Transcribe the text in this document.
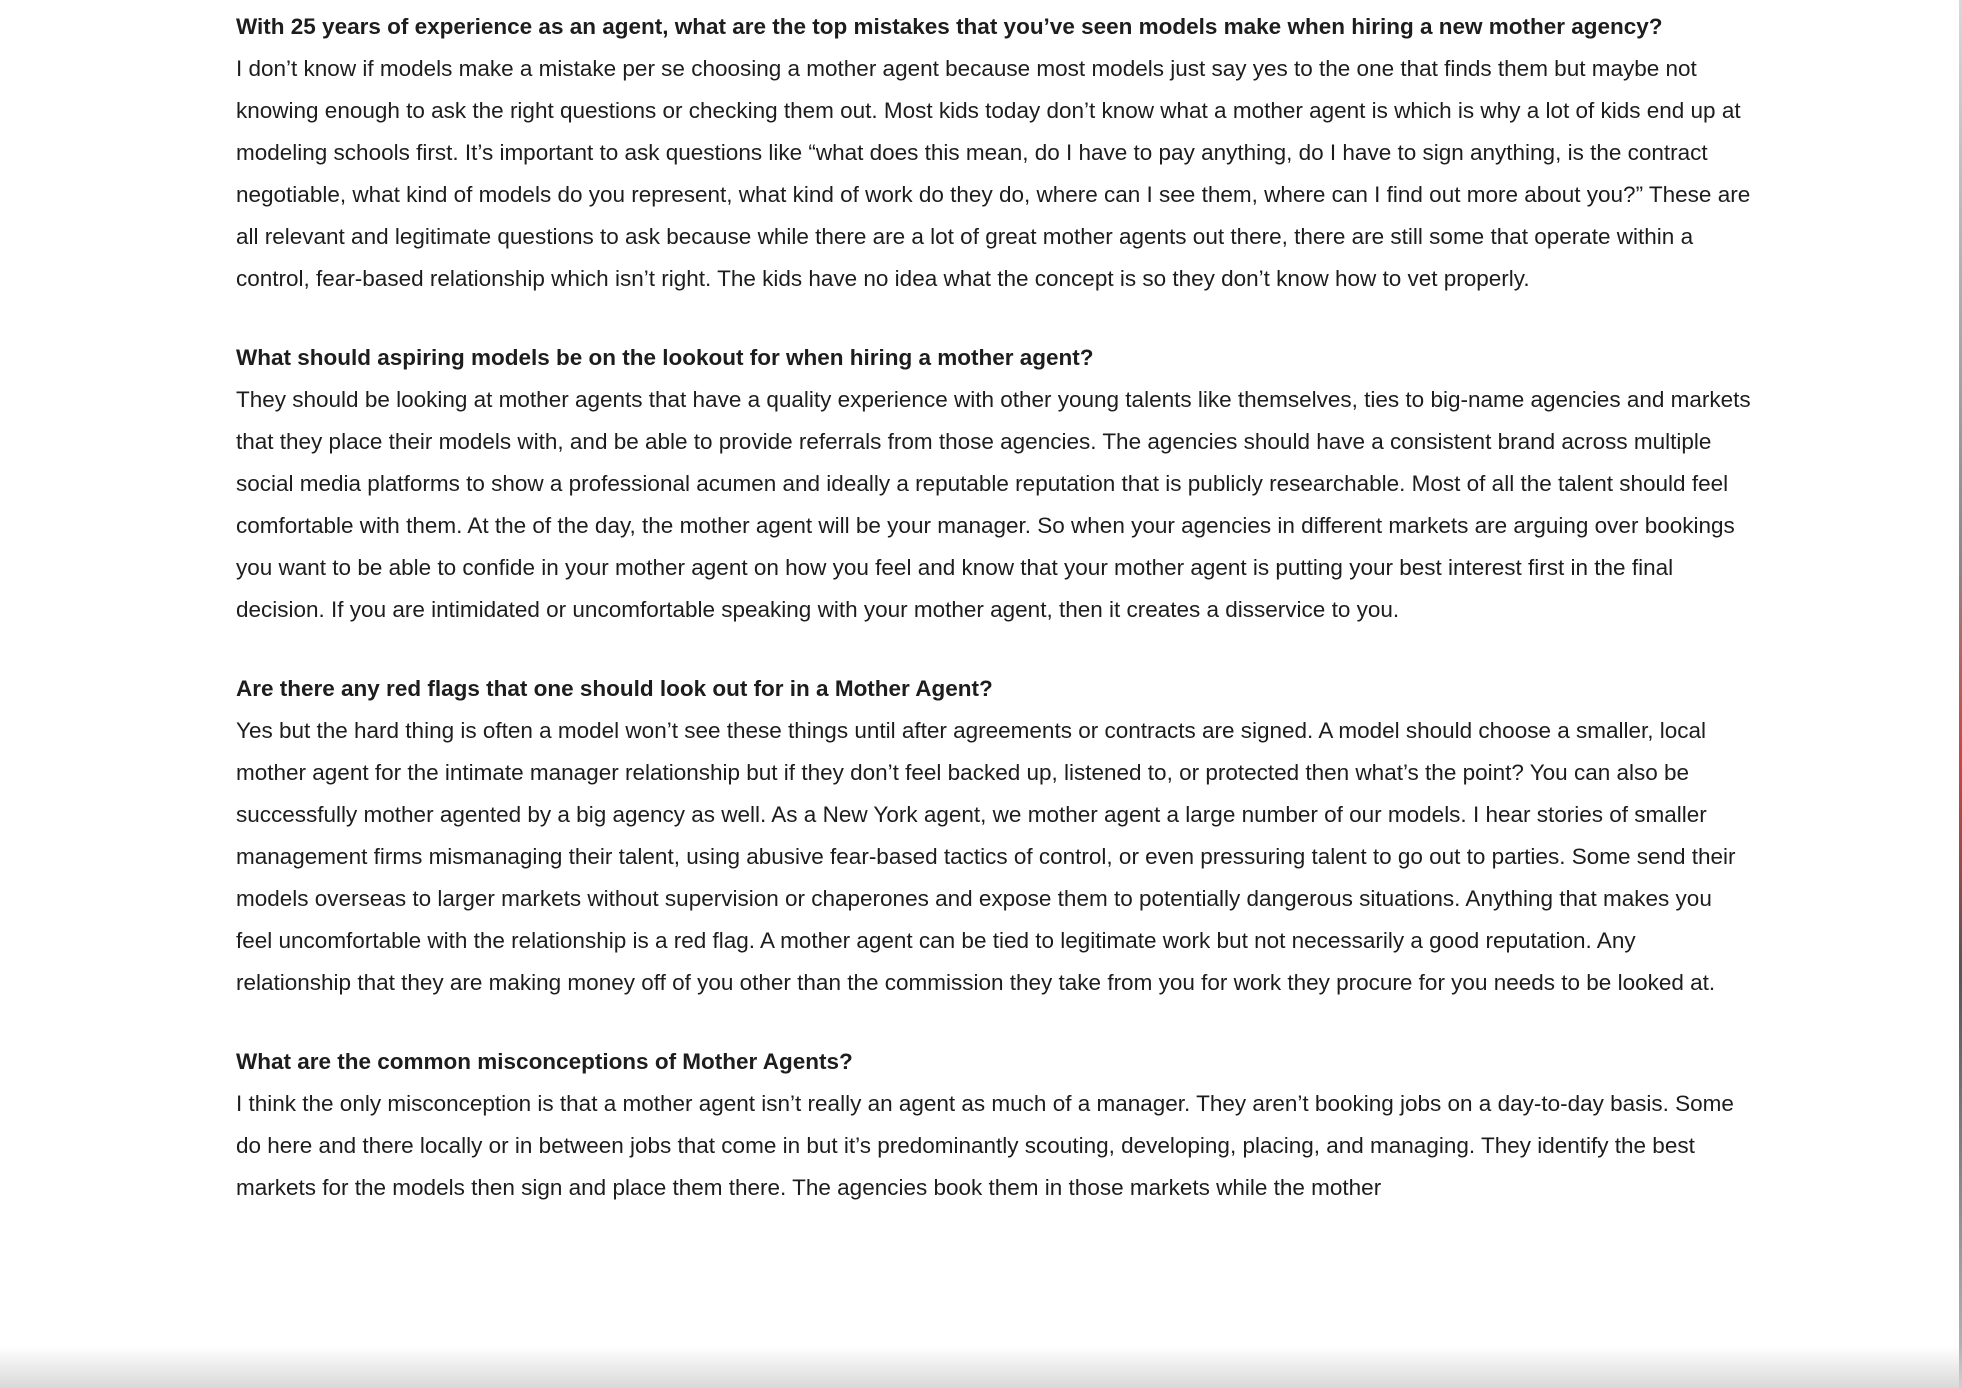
With 25 years of experience as an agent, what are the top mistakes that you’ve seen models make when hiring a new mother agency?

I don’t know if models make a mistake per se choosing a mother agent because most models just say yes to the one that finds them but maybe not knowing enough to ask the right questions or checking them out. Most kids today don’t know what a mother agent is which is why a lot of kids end up at modeling schools first. It’s important to ask questions like “what does this mean, do I have to pay anything, do I have to sign anything, is the contract negotiable, what kind of models do you represent, what kind of work do they do, where can I see them, where can I find out more about you?” These are all relevant and legitimate questions to ask because while there are a lot of great mother agents out there, there are still some that operate within a control, fear-based relationship which isn’t right. The kids have no idea what the concept is so they don’t know how to vet properly.

What should aspiring models be on the lookout for when hiring a mother agent?

They should be looking at mother agents that have a quality experience with other young talents like themselves, ties to big-name agencies and markets that they place their models with, and be able to provide referrals from those agencies. The agencies should have a consistent brand across multiple social media platforms to show a professional acumen and ideally a reputable reputation that is publicly researchable. Most of all the talent should feel comfortable with them. At the of the day, the mother agent will be your manager. So when your agencies in different markets are arguing over bookings you want to be able to confide in your mother agent on how you feel and know that your mother agent is putting your best interest first in the final decision. If you are intimidated or uncomfortable speaking with your mother agent, then it creates a disservice to you.

Are there any red flags that one should look out for in a Mother Agent?

Yes but the hard thing is often a model won’t see these things until after agreements or contracts are signed. A model should choose a smaller, local mother agent for the intimate manager relationship but if they don’t feel backed up, listened to, or protected then what’s the point? You can also be successfully mother agented by a big agency as well. As a New York agent, we mother agent a large number of our models. I hear stories of smaller management firms mismanaging their talent, using abusive fear-based tactics of control, or even pressuring talent to go out to parties. Some send their models overseas to larger markets without supervision or chaperones and expose them to potentially dangerous situations. Anything that makes you feel uncomfortable with the relationship is a red flag. A mother agent can be tied to legitimate work but not necessarily a good reputation. Any relationship that they are making money off of you other than the commission they take from you for work they procure for you needs to be looked at.

What are the common misconceptions of Mother Agents?

I think the only misconception is that a mother agent isn’t really an agent as much of a manager. They aren’t booking jobs on a day-to-day basis. Some do here and there locally or in between jobs that come in but it’s predominantly scouting, developing, placing, and managing. They identify the best markets for the models then sign and place them there. The agencies book them in those markets while the mother
